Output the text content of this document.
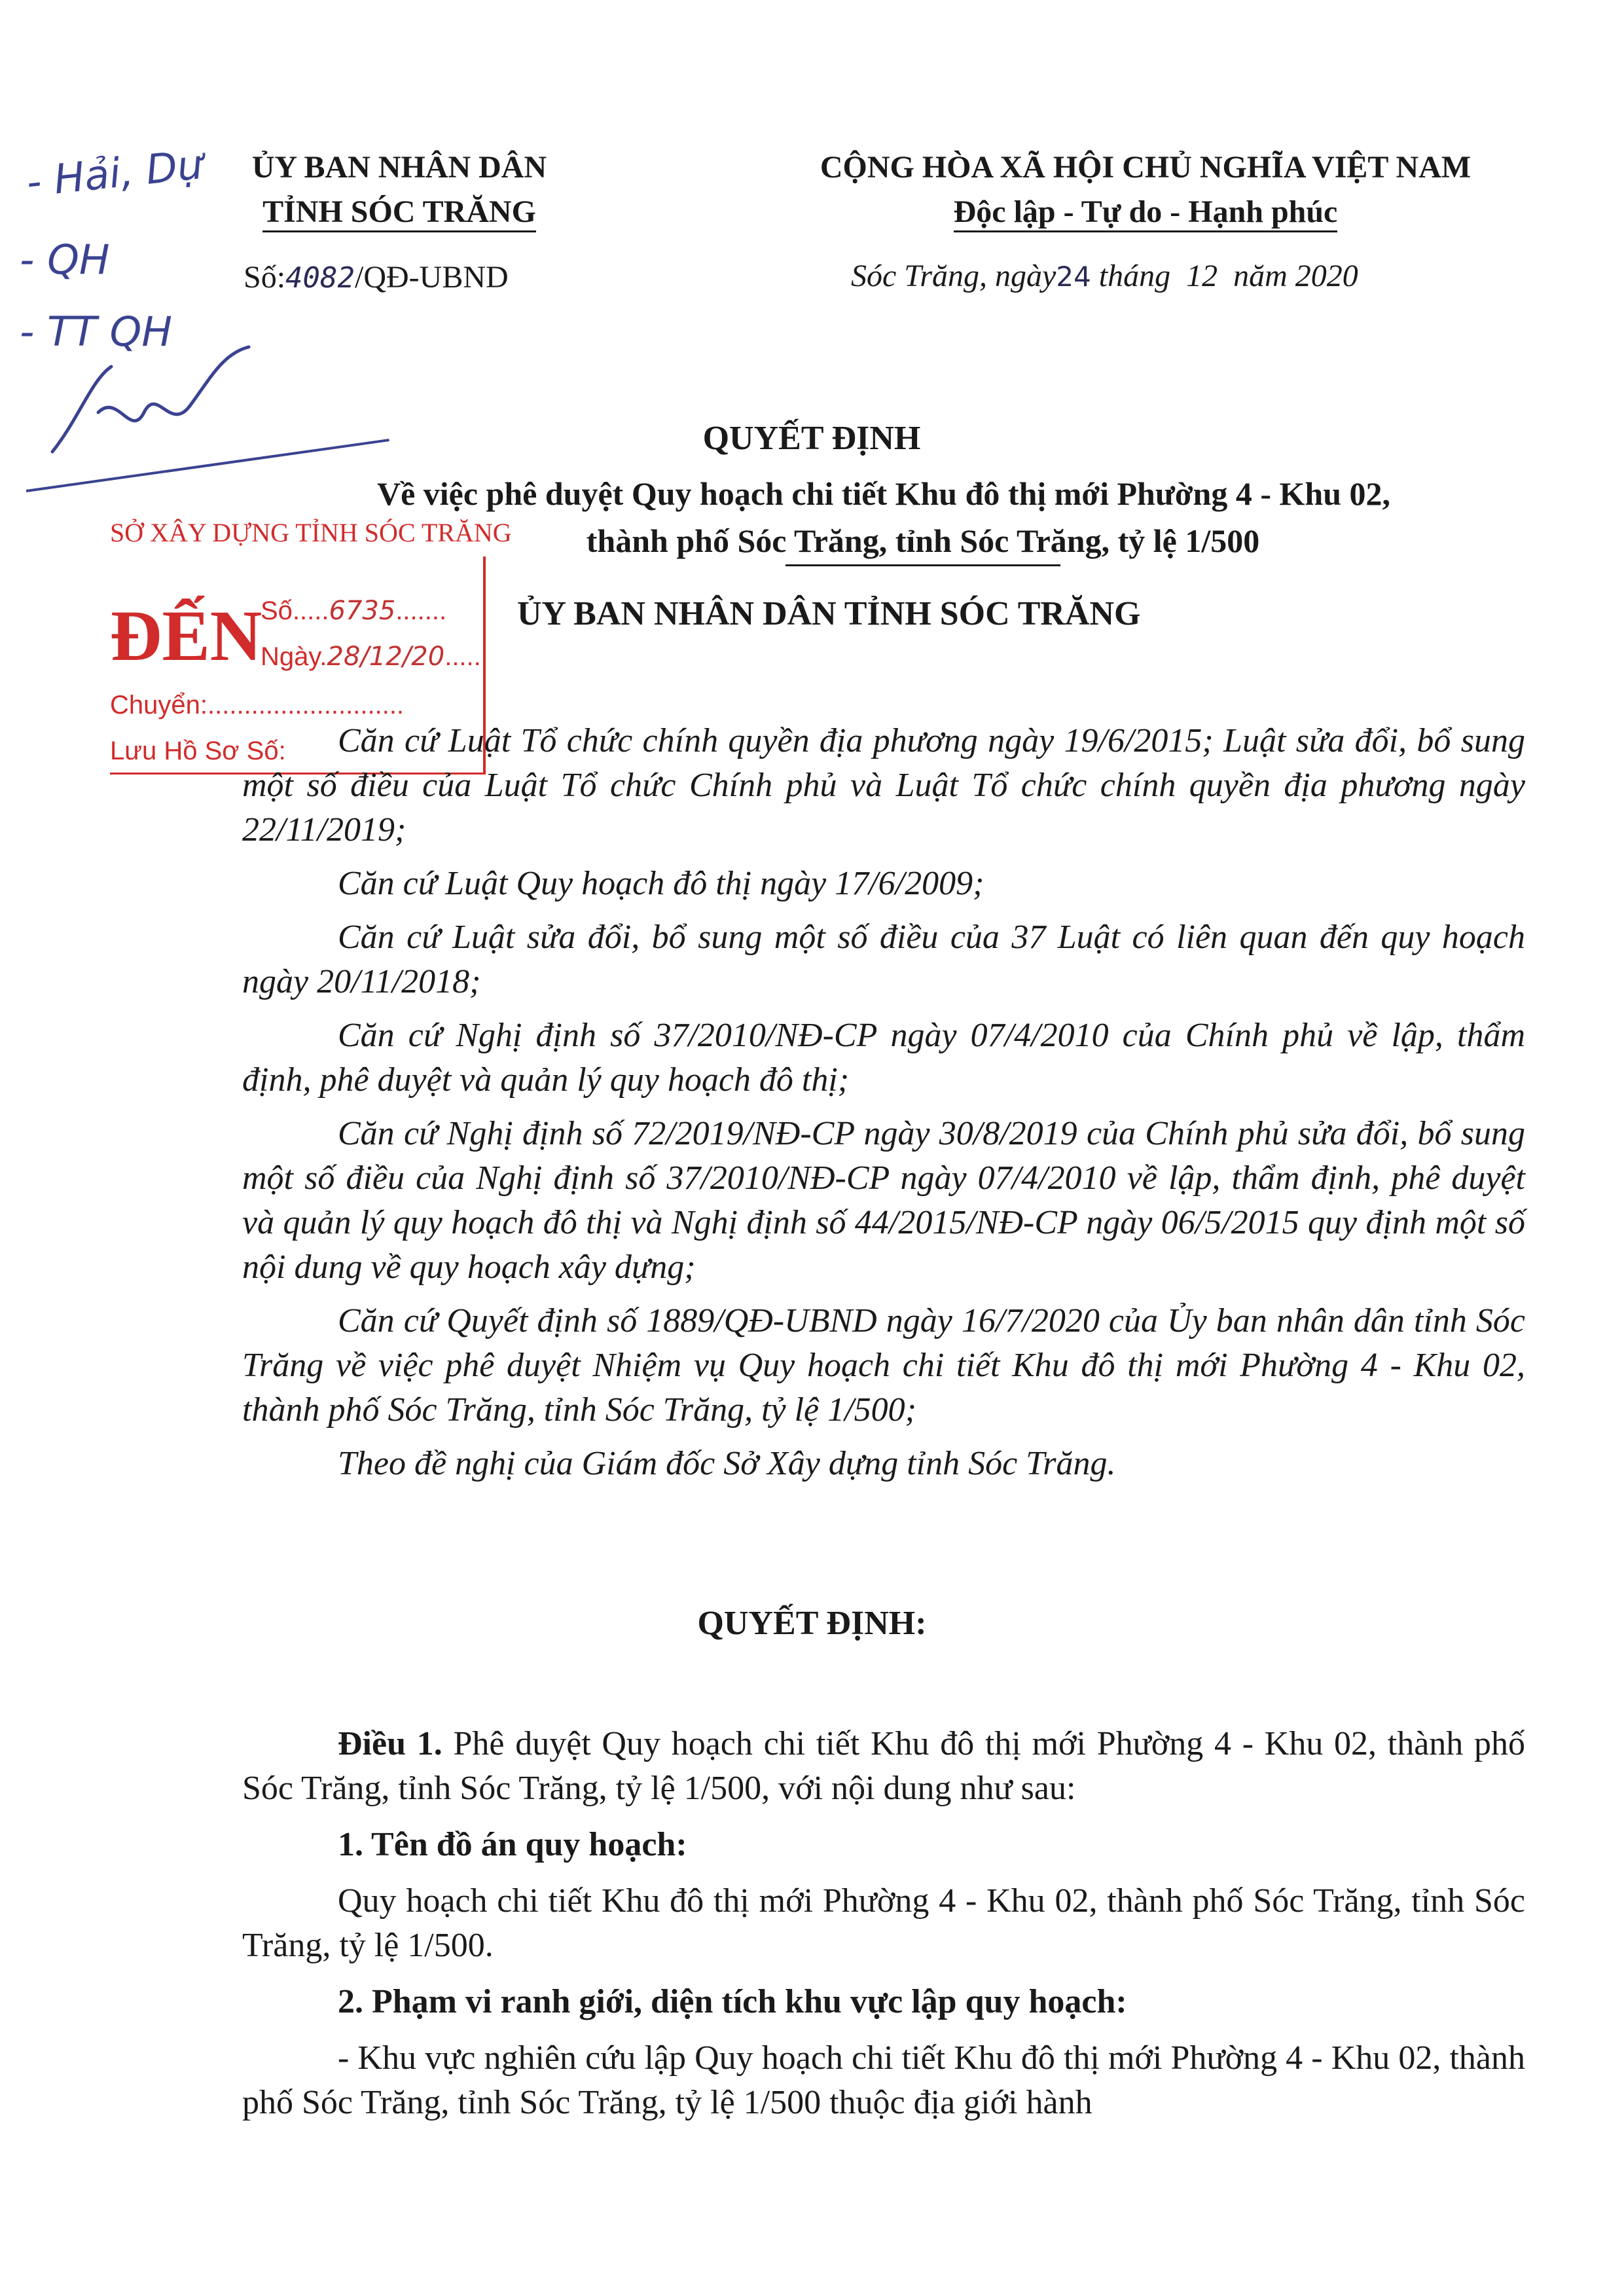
ỦY BAN NHÂN DÂN
TỈNH SÓC TRĂNG
CỘNG HÒA XÃ HỘI CHỦ NGHĨA VIỆT NAM
Độc lập - Tự do - Hạnh phúc
Số:4082/QĐ-UBND	Sóc Trăng, ngày24 tháng 12 năm 2020
- Hải, Dự
- QH
- TT QH
QUYẾT ĐỊNH
Về việc phê duyệt Quy hoạch chi tiết Khu đô thị mới Phường 4 - Khu 02,
thành phố Sóc Trăng, tỉnh Sóc Trăng, tỷ lệ 1/500
SỞ XÂY DỰNG TỈNH SÓC TRĂNG
ĐẾN
Số.....6735.......
Ngày.28/12/20.....
Chuyển:...........................
Lưu Hồ Sơ Số:
ỦY BAN NHÂN DÂN TỈNH SÓC TRĂNG

Căn cứ Luật Tổ chức chính quyền địa phương ngày 19/6/2015; Luật sửa đổi, bổ sung một số điều của Luật Tổ chức Chính phủ và Luật Tổ chức chính quyền địa phương ngày 22/11/2019;

Căn cứ Luật Quy hoạch đô thị ngày 17/6/2009;

Căn cứ Luật sửa đổi, bổ sung một số điều của 37 Luật có liên quan đến quy hoạch ngày 20/11/2018;

Căn cứ Nghị định số 37/2010/NĐ-CP ngày 07/4/2010 của Chính phủ về lập, thẩm định, phê duyệt và quản lý quy hoạch đô thị;

Căn cứ Nghị định số 72/2019/NĐ-CP ngày 30/8/2019 của Chính phủ sửa đổi, bổ sung một số điều của Nghị định số 37/2010/NĐ-CP ngày 07/4/2010 về lập, thẩm định, phê duyệt và quản lý quy hoạch đô thị và Nghị định số 44/2015/NĐ-CP ngày 06/5/2015 quy định một số nội dung về quy hoạch xây dựng;

Căn cứ Quyết định số 1889/QĐ-UBND ngày 16/7/2020 của Ủy ban nhân dân tỉnh Sóc Trăng về việc phê duyệt Nhiệm vụ Quy hoạch chi tiết Khu đô thị mới Phường 4 - Khu 02, thành phố Sóc Trăng, tỉnh Sóc Trăng, tỷ lệ 1/500;

Theo đề nghị của Giám đốc Sở Xây dựng tỉnh Sóc Trăng.

QUYẾT ĐỊNH:

Điều 1. Phê duyệt Quy hoạch chi tiết Khu đô thị mới Phường 4 - Khu 02, thành phố Sóc Trăng, tỉnh Sóc Trăng, tỷ lệ 1/500, với nội dung như sau:

1. Tên đồ án quy hoạch:

Quy hoạch chi tiết Khu đô thị mới Phường 4 - Khu 02, thành phố Sóc Trăng, tỉnh Sóc Trăng, tỷ lệ 1/500.

2. Phạm vi ranh giới, diện tích khu vực lập quy hoạch:

- Khu vực nghiên cứu lập Quy hoạch chi tiết Khu đô thị mới Phường 4 - Khu 02, thành phố Sóc Trăng, tỉnh Sóc Trăng, tỷ lệ 1/500 thuộc địa giới hành
